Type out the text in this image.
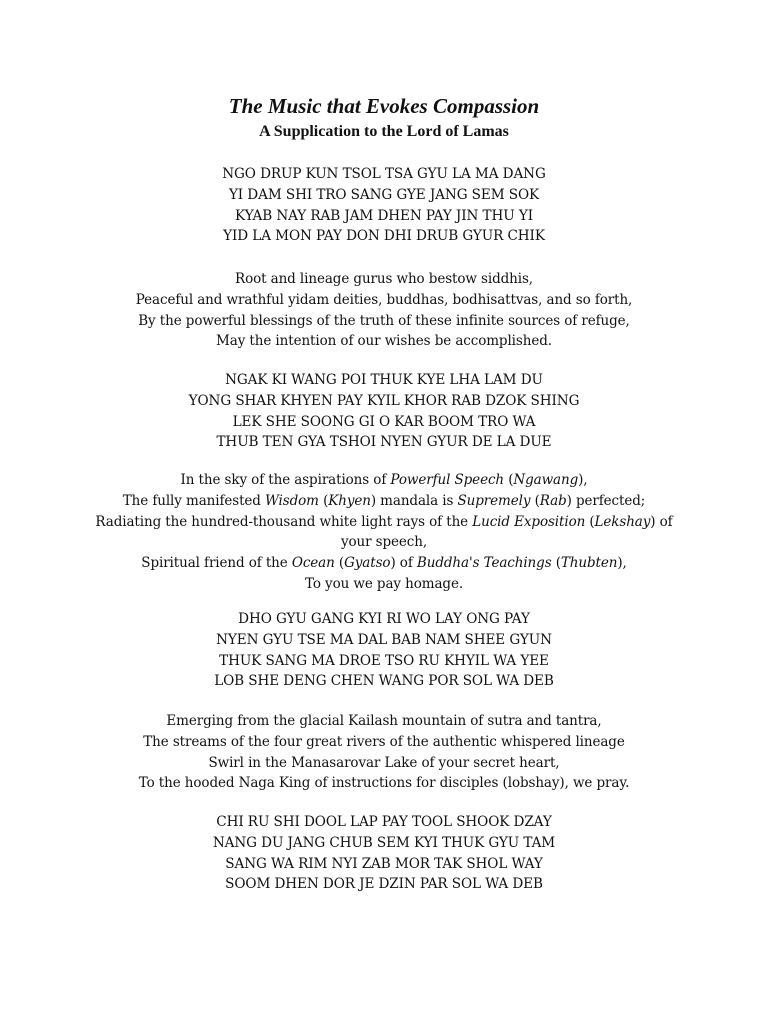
The Music that Evokes Compassion
A Supplication to the Lord of Lamas
NGO DRUP KUN TSOL TSA GYU LA MA DANG
YI DAM SHI TRO SANG GYE JANG SEM SOK
KYAB NAY RAB JAM DHEN PAY JIN THU YI
YID LA MON PAY DON DHI DRUB GYUR CHIK
Root and lineage gurus who bestow siddhis,
Peaceful and wrathful yidam deities, buddhas, bodhisattvas, and so forth,
By the powerful blessings of the truth of these infinite sources of refuge,
May the intention of our wishes be accomplished.
NGAK KI WANG POI THUK KYE LHA LAM DU
YONG SHAR KHYEN PAY KYIL KHOR RAB DZOK SHING
LEK SHE SOONG GI O KAR BOOM TRO WA
THUB TEN GYA TSHOI NYEN GYUR DE LA DUE
In the sky of the aspirations of Powerful Speech (Ngawang),
The fully manifested Wisdom (Khyen) mandala is Supremely (Rab) perfected;
Radiating the hundred-thousand white light rays of the Lucid Exposition (Lekshay) of
your speech,
Spiritual friend of the Ocean (Gyatso) of Buddha's Teachings (Thubten),
To you we pay homage.
DHO GYU GANG KYI RI WO LAY ONG PAY
NYEN GYU TSE MA DAL BAB NAM SHEE GYUN
THUK SANG MA DROE TSO RU KHYIL WA YEE
LOB SHE DENG CHEN WANG POR SOL WA DEB
Emerging from the glacial Kailash mountain of sutra and tantra,
The streams of the four great rivers of the authentic whispered lineage
Swirl in the Manasarovar Lake of your secret heart,
To the hooded Naga King of instructions for disciples (lobshay), we pray.
CHI RU SHI DOOL LAP PAY TOOL SHOOK DZAY
NANG DU JANG CHUB SEM KYI THUK GYU TAM
SANG WA RIM NYI ZAB MOR TAK SHOL WAY
SOOM DHEN DOR JE DZIN PAR SOL WA DEB
